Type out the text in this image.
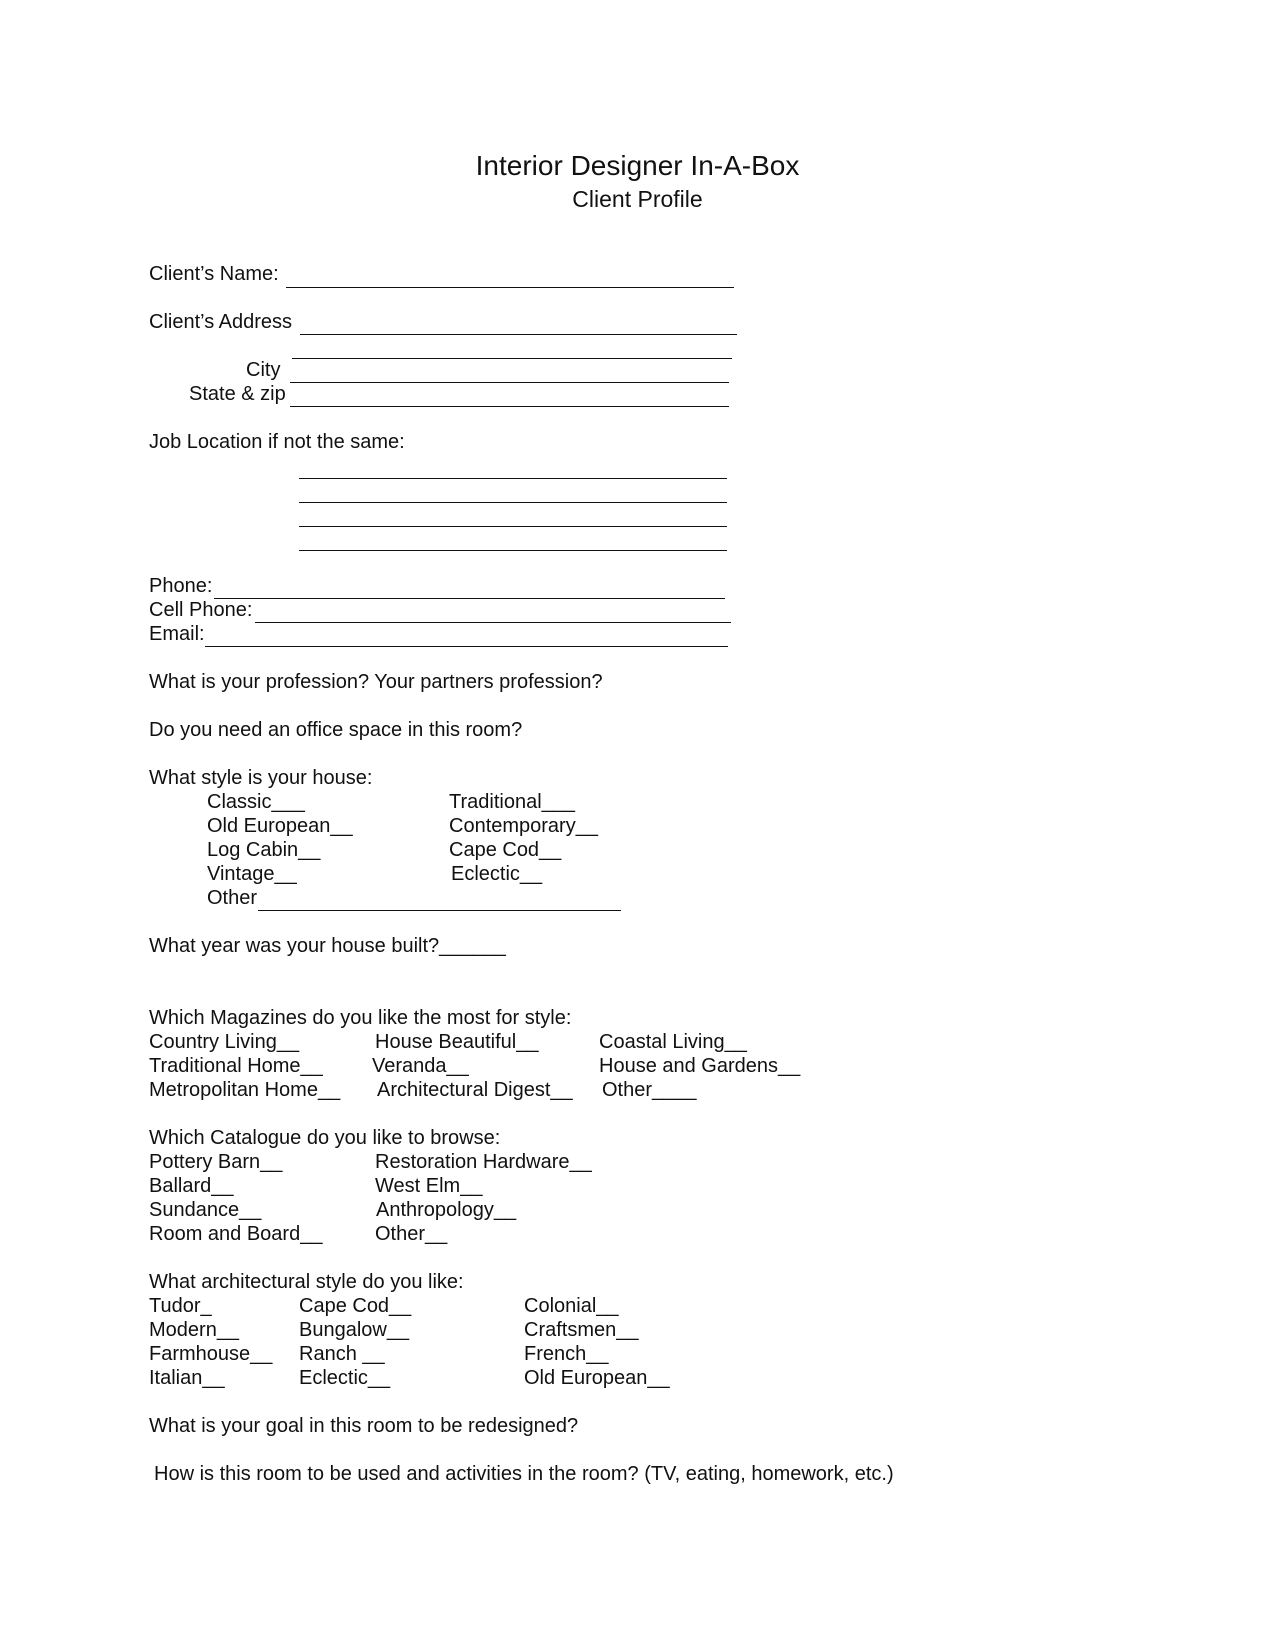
Interior Designer In-A-Box
Client Profile
Client’s Name:
Client’s Address
City
State & zip
Job Location if not the same:
Phone:
Cell Phone:
Email:
What is your profession? Your partners profession?
Do you need an office space in this room?
What style is your house:
Classic___
Old European__
Log Cabin__
Vintage__
Other
Traditional___
Contemporary__
Cape Cod__
Eclectic__
What year was your house built?______
Which Magazines do you like the most for style:
Country Living__
Traditional Home__
Metropolitan Home__
House Beautiful__
Veranda__
Architectural Digest__
Coastal Living__
House and Gardens__
Other____
Which Catalogue do you like to browse:
Pottery Barn__
Ballard__
Sundance__
Room and Board__
Restoration Hardware__
West Elm__
Anthropology__
Other__
What architectural style do you like:
Tudor_
Modern__
Farmhouse__
Italian__
Cape Cod__
Bungalow__
Ranch __
Eclectic__
Colonial__
Craftsmen__
French__
Old European__
What is your goal in this room to be redesigned?
How is this room to be used and activities in the room? (TV, eating, homework, etc.)
